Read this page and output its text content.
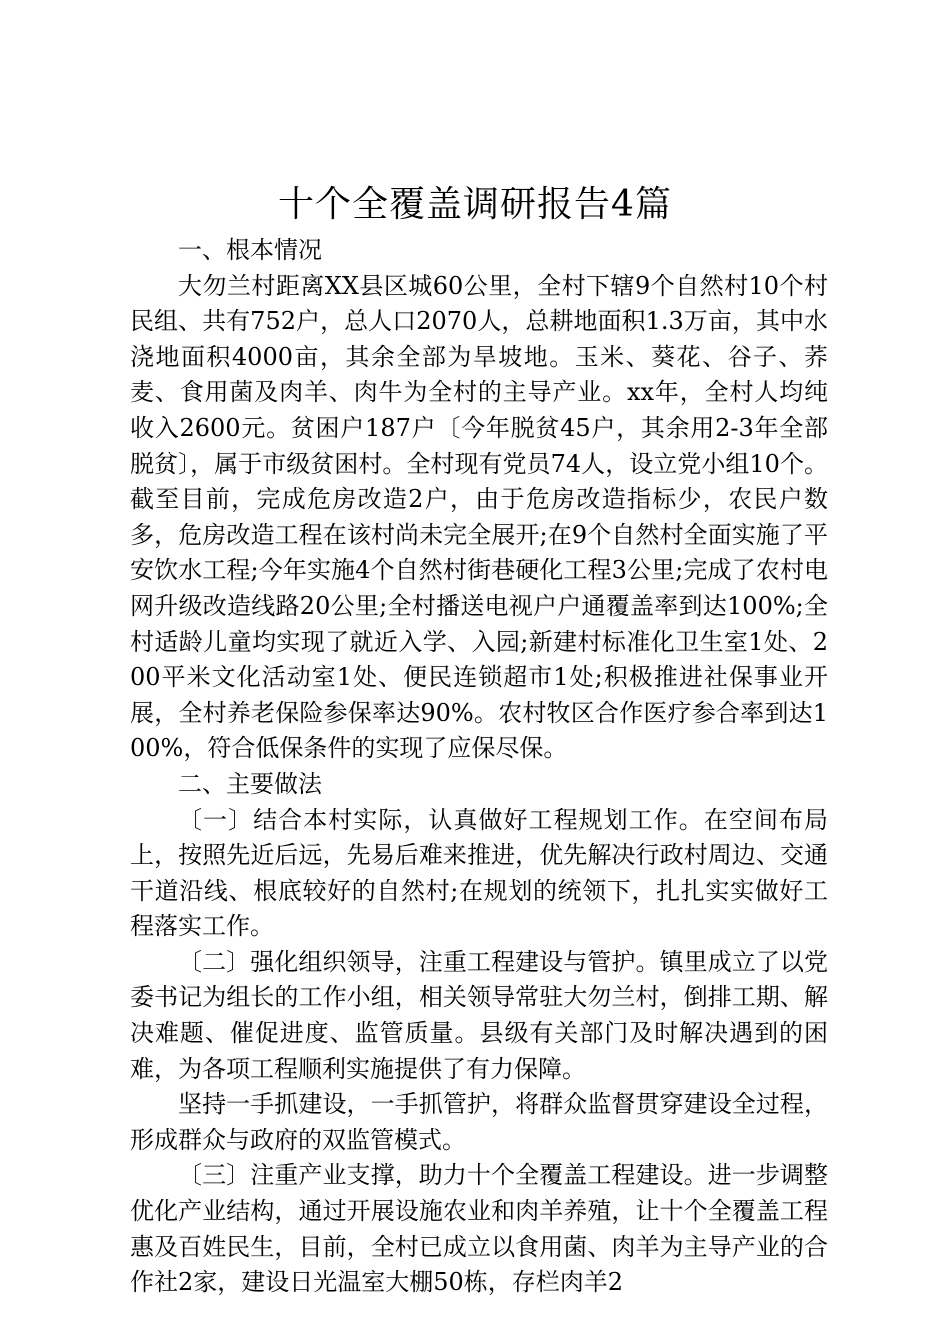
十个全覆盖调研报告4篇

一、根本情况

大勿兰村距离XX县区城60公里，全村下辖9个自然村10个村民组、共有752户，总人口2070人，总耕地面积1.3万亩，其中水浇地面积4000亩，其余全部为旱坡地。玉米、葵花、谷子、荞麦、食用菌及肉羊、肉牛为全村的主导产业。xx年，全村人均纯收入2600元。贫困户187户〔今年脱贫45户，其余用2-3年全部脱贫〕，属于市级贫困村。全村现有党员74人，设立党小组10个。截至目前，完成危房改造2户，由于危房改造指标少，农民户数多，危房改造工程在该村尚未完全展开;在9个自然村全面实施了平安饮水工程;今年实施4个自然村街巷硬化工程3公里;完成了农村电网升级改造线路20公里;全村播送电视户户通覆盖率到达100%;全村适龄儿童均实现了就近入学、入园;新建村标准化卫生室1处、200平米文化活动室1处、便民连锁超市1处;积极推进社保事业开展，全村养老保险参保率达90%。农村牧区合作医疗参合率到达100%，符合低保条件的实现了应保尽保。

二、主要做法

〔一〕结合本村实际，认真做好工程规划工作。在空间布局上，按照先近后远，先易后难来推进，优先解决行政村周边、交通干道沿线、根底较好的自然村;在规划的统领下，扎扎实实做好工程落实工作。

〔二〕强化组织领导，注重工程建设与管护。镇里成立了以党委书记为组长的工作小组，相关领导常驻大勿兰村，倒排工期、解决难题、催促进度、监管质量。县级有关部门及时解决遇到的困难，为各项工程顺利实施提供了有力保障。

坚持一手抓建设，一手抓管护，将群众监督贯穿建设全过程，形成群众与政府的双监管模式。

〔三〕注重产业支撑，助力十个全覆盖工程建设。进一步调整优化产业结构，通过开展设施农业和肉羊养殖，让十个全覆盖工程惠及百姓民生，目前，全村已成立以食用菌、肉羊为主导产业的合作社2家，建设日光温室大棚50栋，存栏肉羊2
